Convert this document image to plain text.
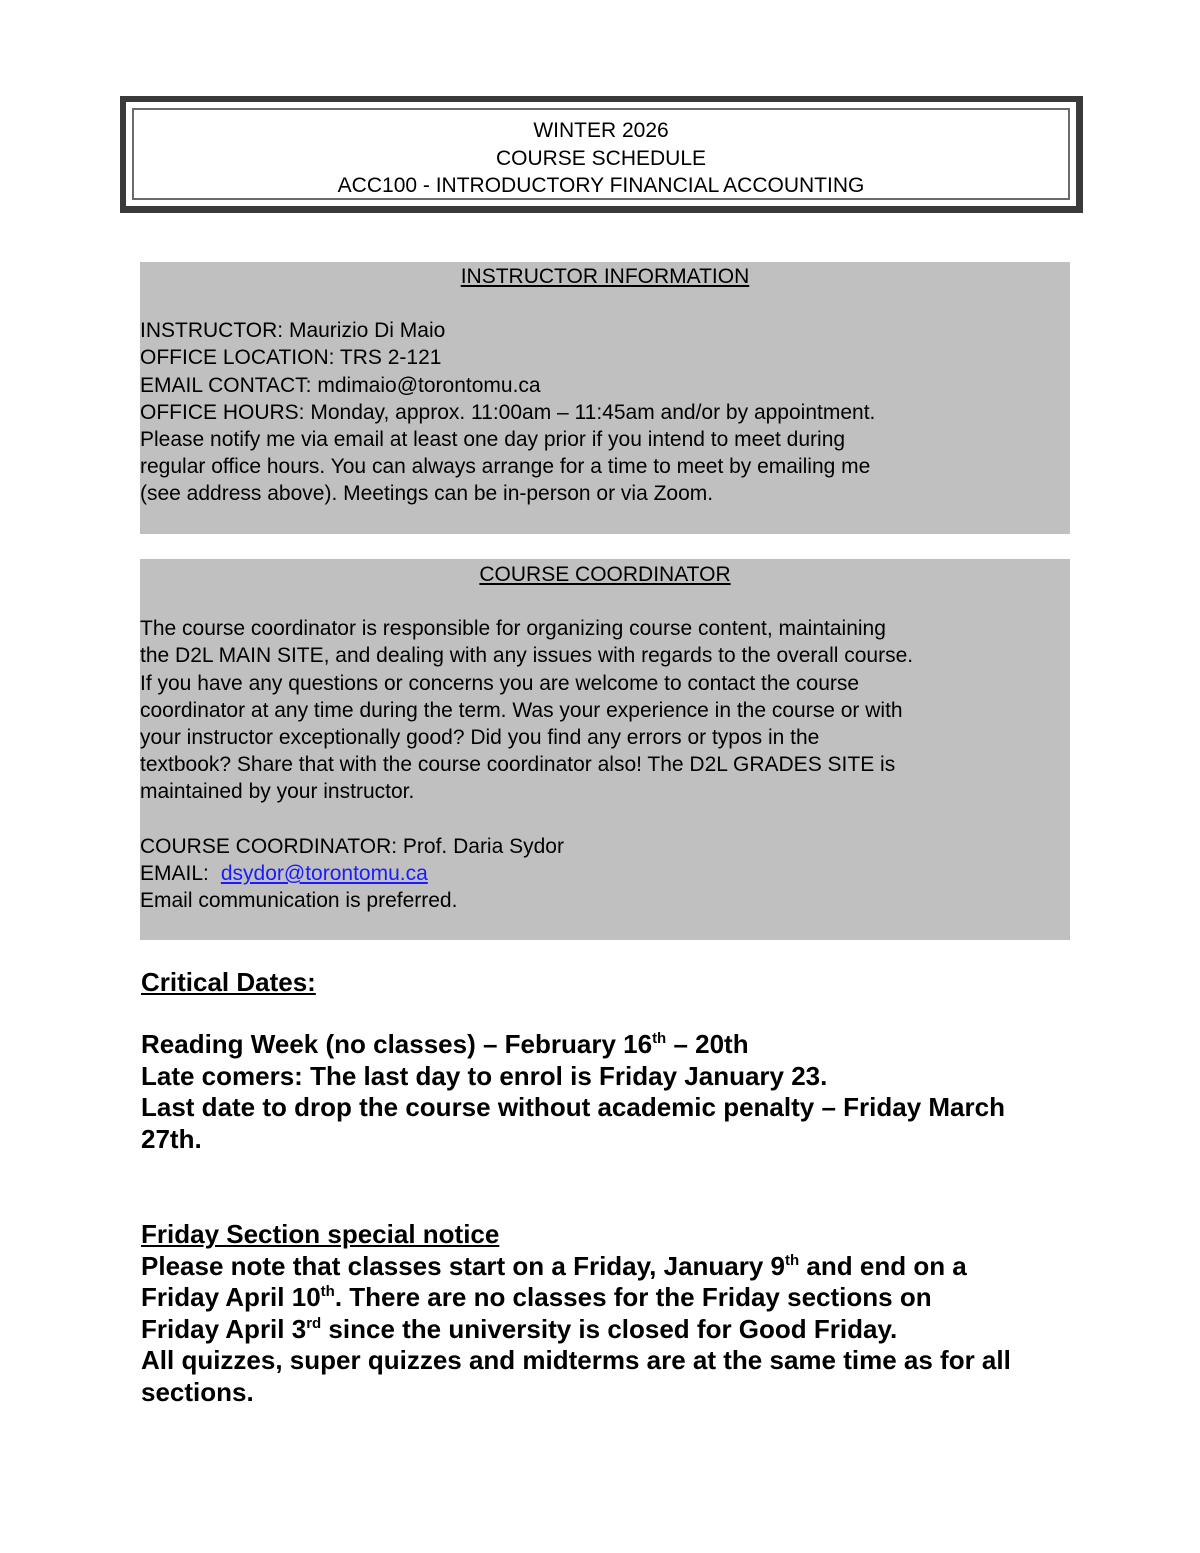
WINTER 2026
COURSE SCHEDULE
ACC100 - INTRODUCTORY FINANCIAL ACCOUNTING
INSTRUCTOR INFORMATION
INSTRUCTOR: Maurizio Di Maio
OFFICE LOCATION: TRS 2-121
EMAIL CONTACT: mdimaio@torontomu.ca
OFFICE HOURS: Monday, approx. 11:00am – 11:45am and/or by appointment.
Please notify me via email at least one day prior if you intend to meet during
regular office hours. You can always arrange for a time to meet by emailing me
(see address above). Meetings can be in-person or via Zoom.
COURSE COORDINATOR
The course coordinator is responsible for organizing course content, maintaining
the D2L MAIN SITE, and dealing with any issues with regards to the overall course.
If you have any questions or concerns you are welcome to contact the course
coordinator at any time during the term. Was your experience in the course or with
your instructor exceptionally good? Did you find any errors or typos in the
textbook? Share that with the course coordinator also! The D2L GRADES SITE is
maintained by your instructor.
COURSE COORDINATOR: Prof. Daria Sydor
EMAIL: dsydor@torontomu.ca
Email communication is preferred.
Critical Dates:
Reading Week (no classes) – February 16th – 20th
Late comers: The last day to enrol is Friday January 23.
Last date to drop the course without academic penalty – Friday March
27th.
Friday Section special notice
Please note that classes start on a Friday, January 9th and end on a
Friday April 10th. There are no classes for the Friday sections on
Friday April 3rd since the university is closed for Good Friday.
All quizzes, super quizzes and midterms are at the same time as for all
sections.
